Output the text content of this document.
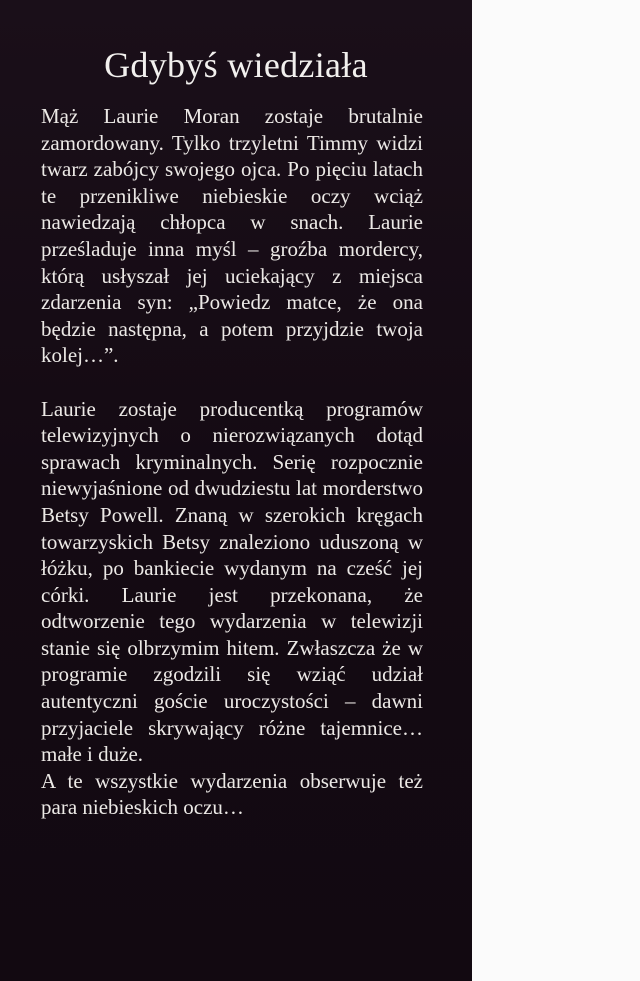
Gdybyś wiedziała

Mąż Laurie Moran zostaje brutalnie zamordowany. Tylko trzyletni Timmy widzi twarz zabójcy swojego ojca. Po pięciu latach te przenikliwe niebieskie oczy wciąż nawiedzają chłopca w snach. Laurie prześladuje inna myśl – groźba mordercy, którą usłyszał jej uciekający z miejsca zdarzenia syn: „Powiedz matce, że ona będzie następna, a potem przyjdzie twoja kolej…”.

Laurie zostaje producentką programów telewizyjnych o nierozwiązanych dotąd sprawach kryminalnych. Serię rozpocznie niewyjaśnione od dwudziestu lat morderstwo Betsy Powell. Znaną w szerokich kręgach towarzyskich Betsy znaleziono uduszoną w łóżku, po bankiecie wydanym na cześć jej córki. Laurie jest przekonana, że odtworzenie tego wydarzenia w telewizji stanie się olbrzymim hitem. Zwłaszcza że w programie zgodzili się wziąć udział autentyczni goście uroczystości – dawni przyjaciele skrywający różne tajemnice… małe i duże.

A te wszystkie wydarzenia obserwuje też para niebieskich oczu…
